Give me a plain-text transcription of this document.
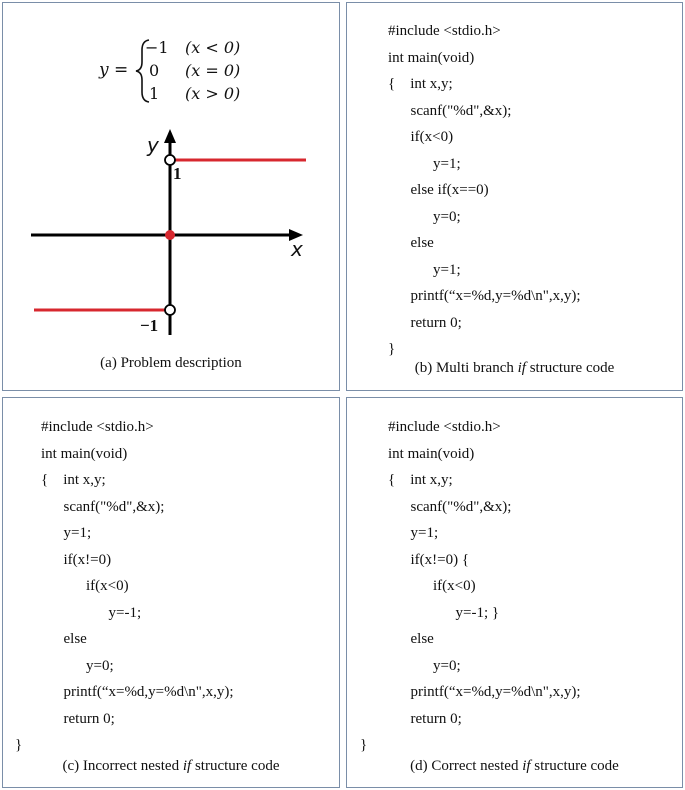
y =
−1 (x < 0)
0 (x = 0)
1 (x > 0)
x
y
1
−1
(a) Problem description
#include <stdio.h>
int main(void)
{    int x,y;
scanf("%d",&x);
if(x<0)
y=1;
else if(x==0)
y=0;
else
y=1;
printf(“x=%d,y=%d\n",x,y);
return 0;
}
(b) Multi branch if structure code
#include <stdio.h>
int main(void)
{    int x,y;
scanf("%d",&x);
y=1;
if(x!=0)
if(x<0)
y=-1;
else
y=0;
printf(“x=%d,y=%d\n",x,y);
return 0;
}
(c) Incorrect nested if structure code
#include <stdio.h>
int main(void)
{    int x,y;
scanf("%d",&x);
y=1;
if(x!=0) {
if(x<0)
y=-1; }
else
y=0;
printf(“x=%d,y=%d\n",x,y);
return 0;
}
(d) Correct nested if structure code
